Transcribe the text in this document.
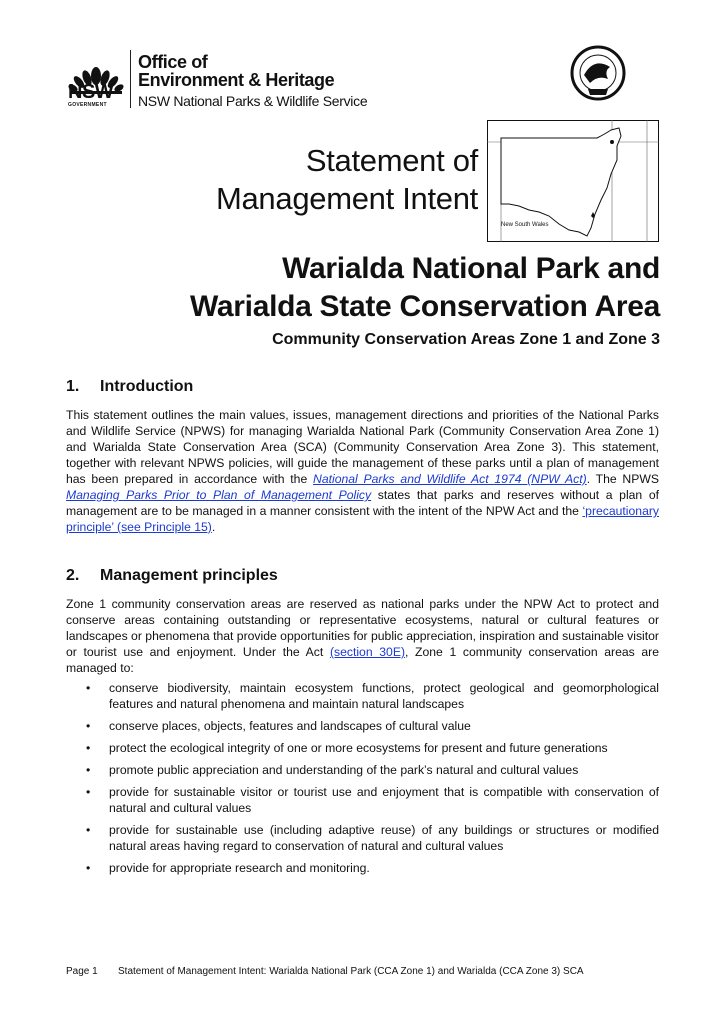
NSW
GOVERNMENT
Office of
Environment & Heritage
NSW National Parks & Wildlife Service
Statement of
Management Intent
New South Wales
Warialda National Park and
Warialda State Conservation Area
Community Conservation Areas Zone 1 and Zone 3
1. Introduction
This statement outlines the main values, issues, management directions and priorities of the National Parks and Wildlife Service (NPWS) for managing Warialda National Park (Community Conservation Area Zone 1) and Warialda State Conservation Area (SCA) (Community Conservation Area Zone 3). This statement, together with relevant NPWS policies, will guide the management of these parks until a plan of management has been prepared in accordance with the National Parks and Wildlife Act 1974 (NPW Act). The NPWS Managing Parks Prior to Plan of Management Policy states that parks and reserves without a plan of management are to be managed in a manner consistent with the intent of the NPW Act and the ‘precautionary principle’ (see Principle 15).
2. Management principles
Zone 1 community conservation areas are reserved as national parks under the NPW Act to protect and conserve areas containing outstanding or representative ecosystems, natural or cultural features or landscapes or phenomena that provide opportunities for public appreciation, inspiration and sustainable visitor or tourist use and enjoyment. Under the Act (section 30E), Zone 1 community conservation areas are managed to:
• conserve biodiversity, maintain ecosystem functions, protect geological and geomorphological features and natural phenomena and maintain natural landscapes
• conserve places, objects, features and landscapes of cultural value
• protect the ecological integrity of one or more ecosystems for present and future generations
• promote public appreciation and understanding of the park’s natural and cultural values
• provide for sustainable visitor or tourist use and enjoyment that is compatible with conservation of natural and cultural values
• provide for sustainable use (including adaptive reuse) of any buildings or structures or modified natural areas having regard to conservation of natural and cultural values
• provide for appropriate research and monitoring.
Page 1 Statement of Management Intent: Warialda National Park (CCA Zone 1) and Warialda (CCA Zone 3) SCA
